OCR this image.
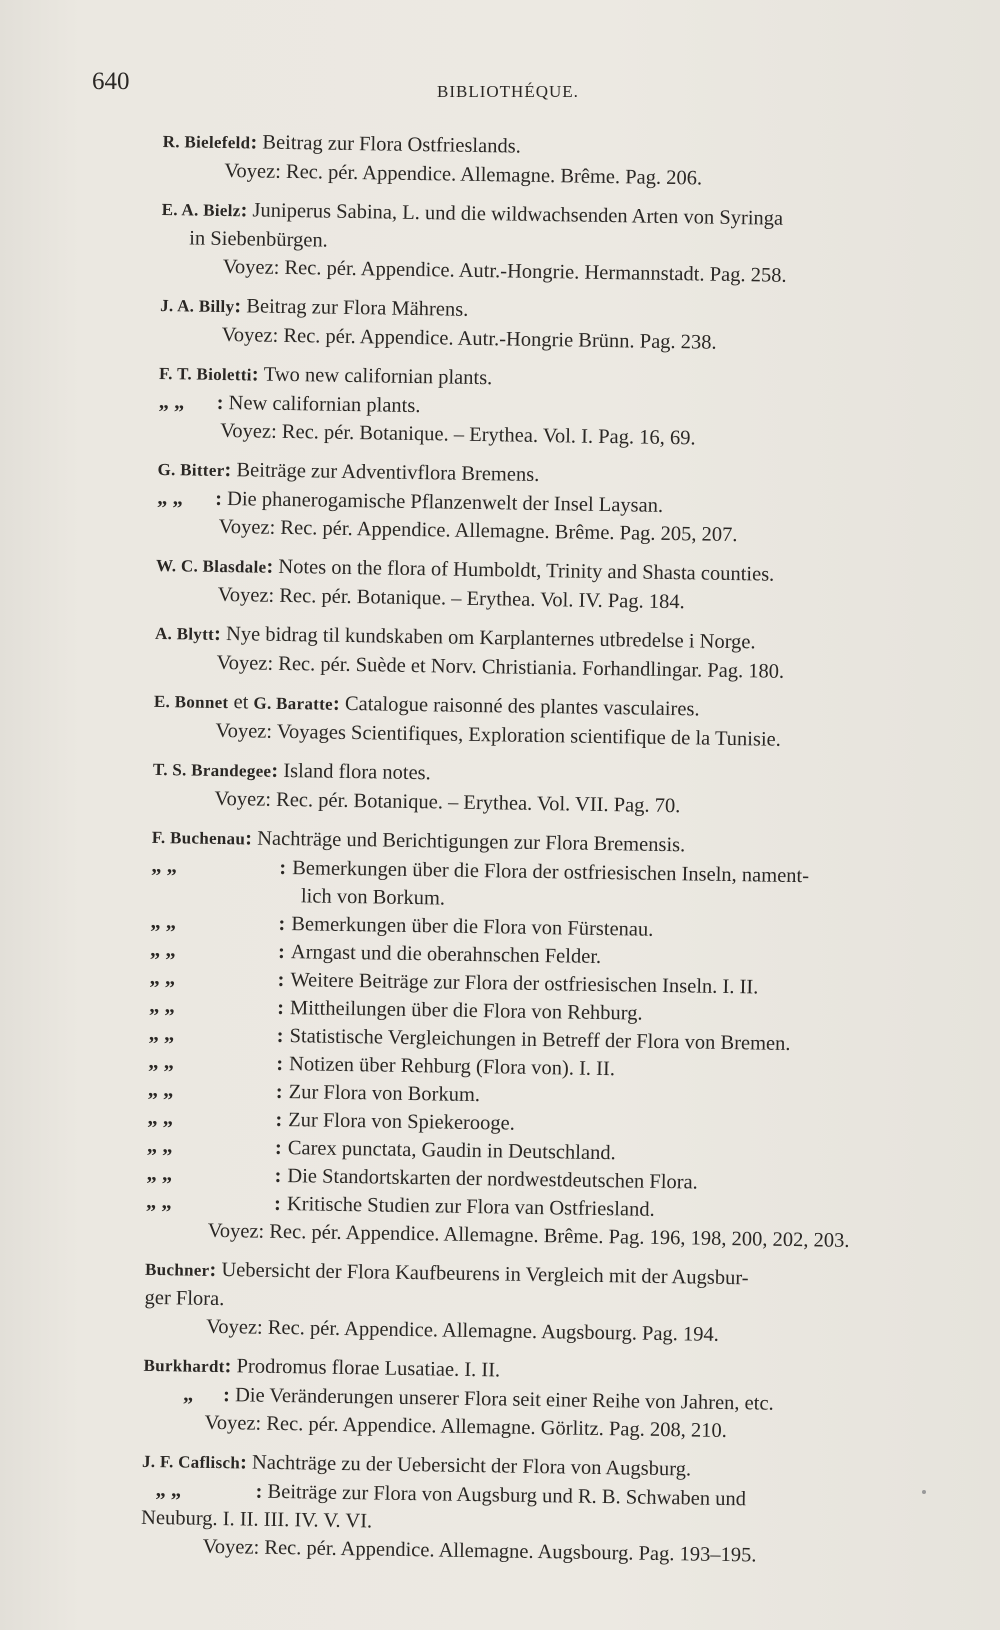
640	BIBLIOTHÉQUE.
R. Bielefeld: Beitrag zur Flora Ostfrieslands.
Voyez: Rec. pér. Appendice. Allemagne. Brême. Pag. 206.
E. A. Bielz: Juniperus Sabina, L. und die wildwachsenden Arten von Syringa
in Siebenbürgen.
Voyez: Rec. pér. Appendice. Autr.-Hongrie. Hermannstadt. Pag. 258.
J. A. Billy: Beitrag zur Flora Mährens.
Voyez: Rec. pér. Appendice. Autr.-Hongrie Brünn. Pag. 238.
F. T. Bioletti: Two new californian plants.
„ „ : New californian plants.
Voyez: Rec. pér. Botanique. – Erythea. Vol. I. Pag. 16, 69.
G. Bitter: Beiträge zur Adventivflora Bremens.
„ „ : Die phanerogamische Pflanzenwelt der Insel Laysan.
Voyez: Rec. pér. Appendice. Allemagne. Brême. Pag. 205, 207.
W. C. Blasdale: Notes on the flora of Humboldt, Trinity and Shasta counties.
Voyez: Rec. pér. Botanique. – Erythea. Vol. IV. Pag. 184.
A. Blytt: Nye bidrag til kundskaben om Karplanternes utbredelse i Norge.
Voyez: Rec. pér. Suède et Norv. Christiania. Forhandlingar. Pag. 180.
E. Bonnet et G. Baratte: Catalogue raisonné des plantes vasculaires.
Voyez: Voyages Scientifiques, Exploration scientifique de la Tunisie.
T. S. Brandegee: Island flora notes.
Voyez: Rec. pér. Botanique. – Erythea. Vol. VII. Pag. 70.
F. Buchenau: Nachträge und Berichtigungen zur Flora Bremensis.
„ „	: Bemerkungen über die Flora der ostfriesischen Inseln, nament-
lich von Borkum.
„ „	: Bemerkungen über die Flora von Fürstenau.
„ „	: Arngast und die oberahnschen Felder.
„ „	: Weitere Beiträge zur Flora der ostfriesischen Inseln. I. II.
„ „	: Mittheilungen über die Flora von Rehburg.
„ „	: Statistische Vergleichungen in Betreff der Flora von Bremen.
„ „	: Notizen über Rehburg (Flora von). I. II.
„ „	: Zur Flora von Borkum.
„ „	: Zur Flora von Spiekerooge.
„ „	: Carex punctata, Gaudin in Deutschland.
„ „	: Die Standortskarten der nordwestdeutschen Flora.
„ „	: Kritische Studien zur Flora van Ostfriesland.
Voyez: Rec. pér. Appendice. Allemagne. Brême. Pag. 196, 198, 200, 202, 203.
Buchner: Uebersicht der Flora Kaufbeurens in Vergleich mit der Augsbur-
ger Flora.
Voyez: Rec. pér. Appendice. Allemagne. Augsbourg. Pag. 194.
Burkhardt: Prodromus florae Lusatiae. I. II.
„ : Die Veränderungen unserer Flora seit einer Reihe von Jahren, etc.
Voyez: Rec. pér. Appendice. Allemagne. Görlitz. Pag. 208, 210.
J. F. Caflisch: Nachträge zu der Uebersicht der Flora von Augsburg.
„ „	: Beiträge zur Flora von Augsburg und R. B. Schwaben und
Neuburg. I. II. III. IV. V. VI.
Voyez: Rec. pér. Appendice. Allemagne. Augsbourg. Pag. 193–195.
